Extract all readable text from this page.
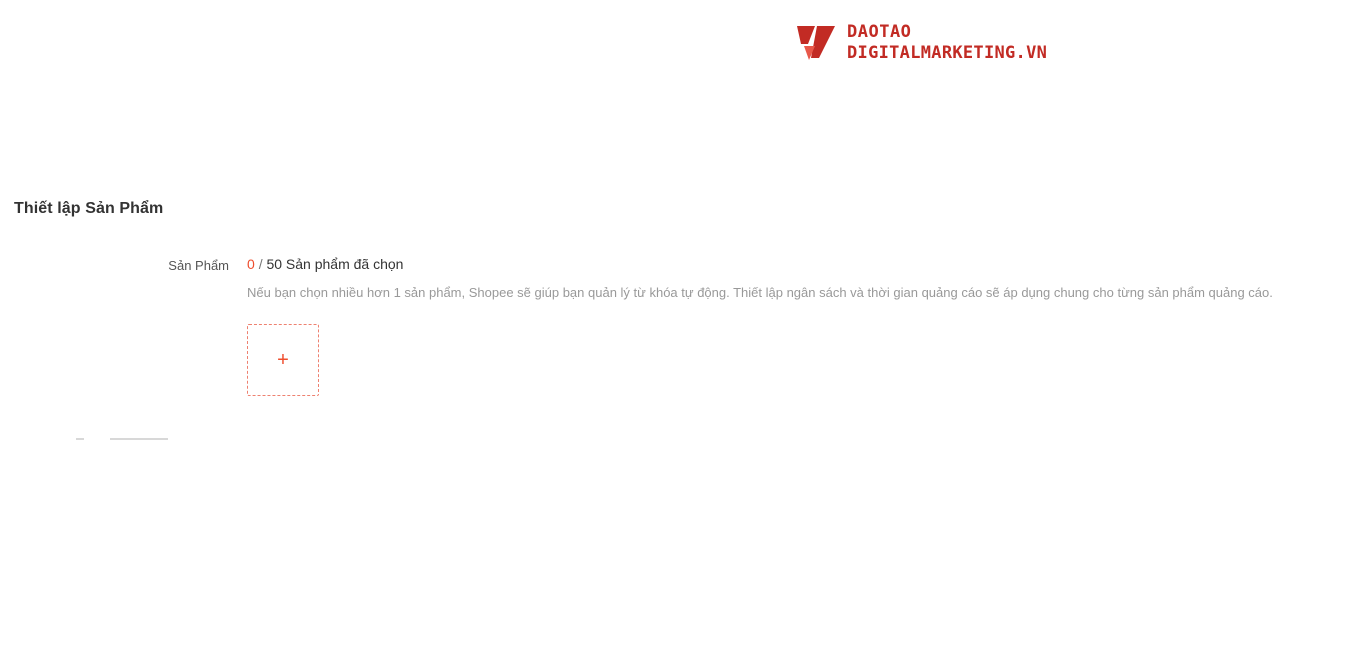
DAOTAO
DIGITALMARKETING.VN
Thiết lập Sản Phẩm
Sản Phẩm 0 / 50 Sản phẩm đã chọn
Nếu bạn chọn nhiều hơn 1 sản phẩm, Shopee sẽ giúp bạn quản lý từ khóa tự động. Thiết lập ngân sách và thời gian quảng cáo sẽ áp dụng chung cho từng sản phẩm quảng cáo.
+
